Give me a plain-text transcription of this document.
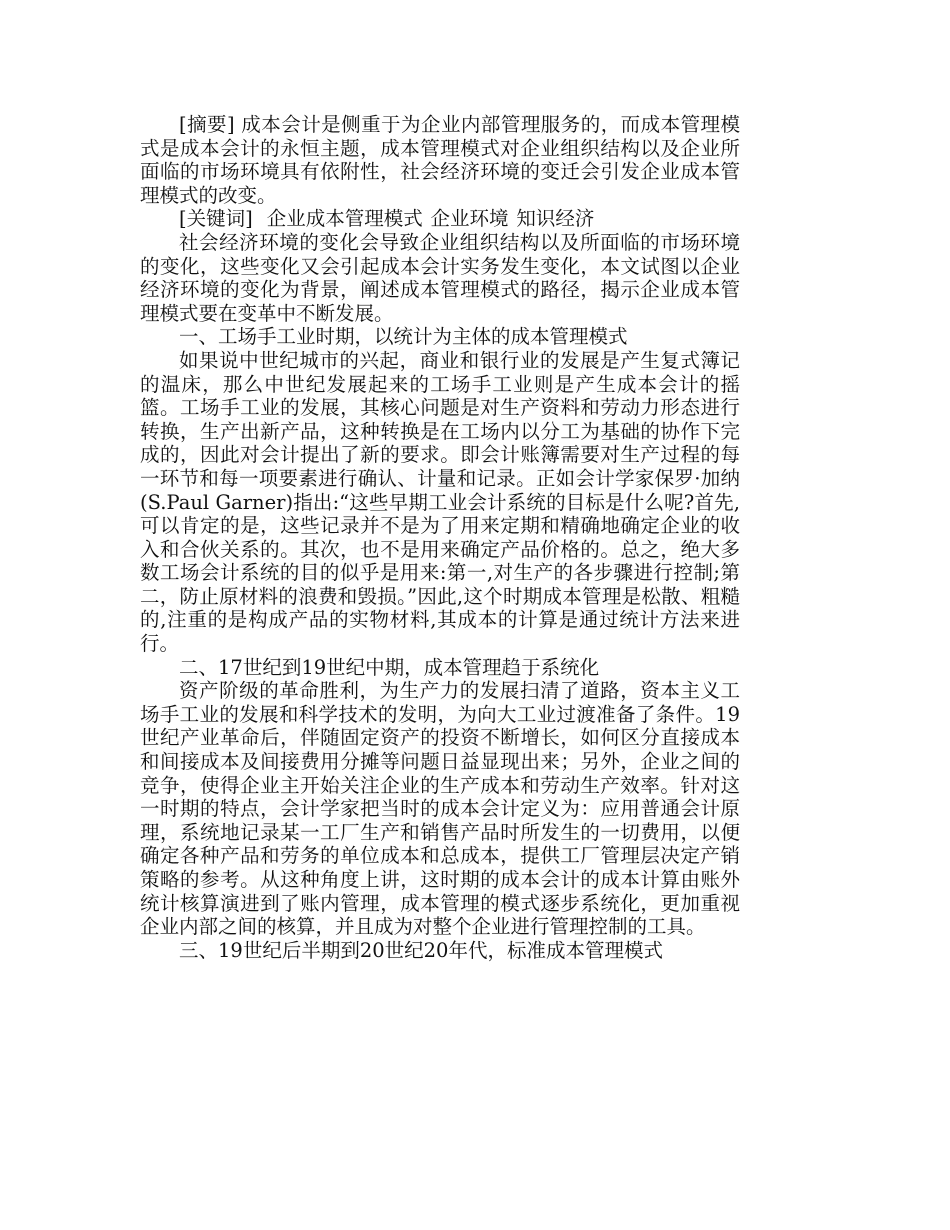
[摘要] 成本会计是侧重于为企业内部管理服务的，而成本管理模式是成本会计的永恒主题，成本管理模式对企业组织结构以及企业所面临的市场环境具有依附性，社会经济环境的变迁会引发企业成本管理模式的改变。

[关键词] 企业成本管理模式 企业环境 知识经济

社会经济环境的变化会导致企业组织结构以及所面临的市场环境的变化，这些变化又会引起成本会计实务发生变化，本文试图以企业经济环境的变化为背景，阐述成本管理模式的路径，揭示企业成本管理模式要在变革中不断发展。

一、工场手工业时期，以统计为主体的成本管理模式

如果说中世纪城市的兴起，商业和银行业的发展是产生复式簿记的温床，那么中世纪发展起来的工场手工业则是产生成本会计的摇篮。工场手工业的发展，其核心问题是对生产资料和劳动力形态进行转换，生产出新产品，这种转换是在工场内以分工为基础的协作下完成的，因此对会计提出了新的要求。即会计账簿需要对生产过程的每一环节和每一项要素进行确认、计量和记录。正如会计学家保罗·加纳(S.Paul Garner)指出:“这些早期工业会计系统的目标是什么呢?首先,可以肯定的是，这些记录并不是为了用来定期和精确地确定企业的收入和合伙关系的。其次，也不是用来确定产品价格的。总之，绝大多数工场会计系统的目的似乎是用来:第一,对生产的各步骤进行控制;第二，防止原材料的浪费和毁损。”因此,这个时期成本管理是松散、粗糙的,注重的是构成产品的实物材料,其成本的计算是通过统计方法来进行。

二、17世纪到19世纪中期，成本管理趋于系统化

资产阶级的革命胜利，为生产力的发展扫清了道路，资本主义工场手工业的发展和科学技术的发明，为向大工业过渡准备了条件。19世纪产业革命后，伴随固定资产的投资不断增长，如何区分直接成本和间接成本及间接费用分摊等问题日益显现出来；另外，企业之间的竞争，使得企业主开始关注企业的生产成本和劳动生产效率。针对这一时期的特点，会计学家把当时的成本会计定义为：应用普通会计原理，系统地记录某一工厂生产和销售产品时所发生的一切费用，以便确定各种产品和劳务的单位成本和总成本，提供工厂管理层决定产销策略的参考。从这种角度上讲，这时期的成本会计的成本计算由账外统计核算演进到了账内管理，成本管理的模式逐步系统化，更加重视企业内部之间的核算，并且成为对整个企业进行管理控制的工具。

三、19世纪后半期到20世纪20年代，标准成本管理模式
